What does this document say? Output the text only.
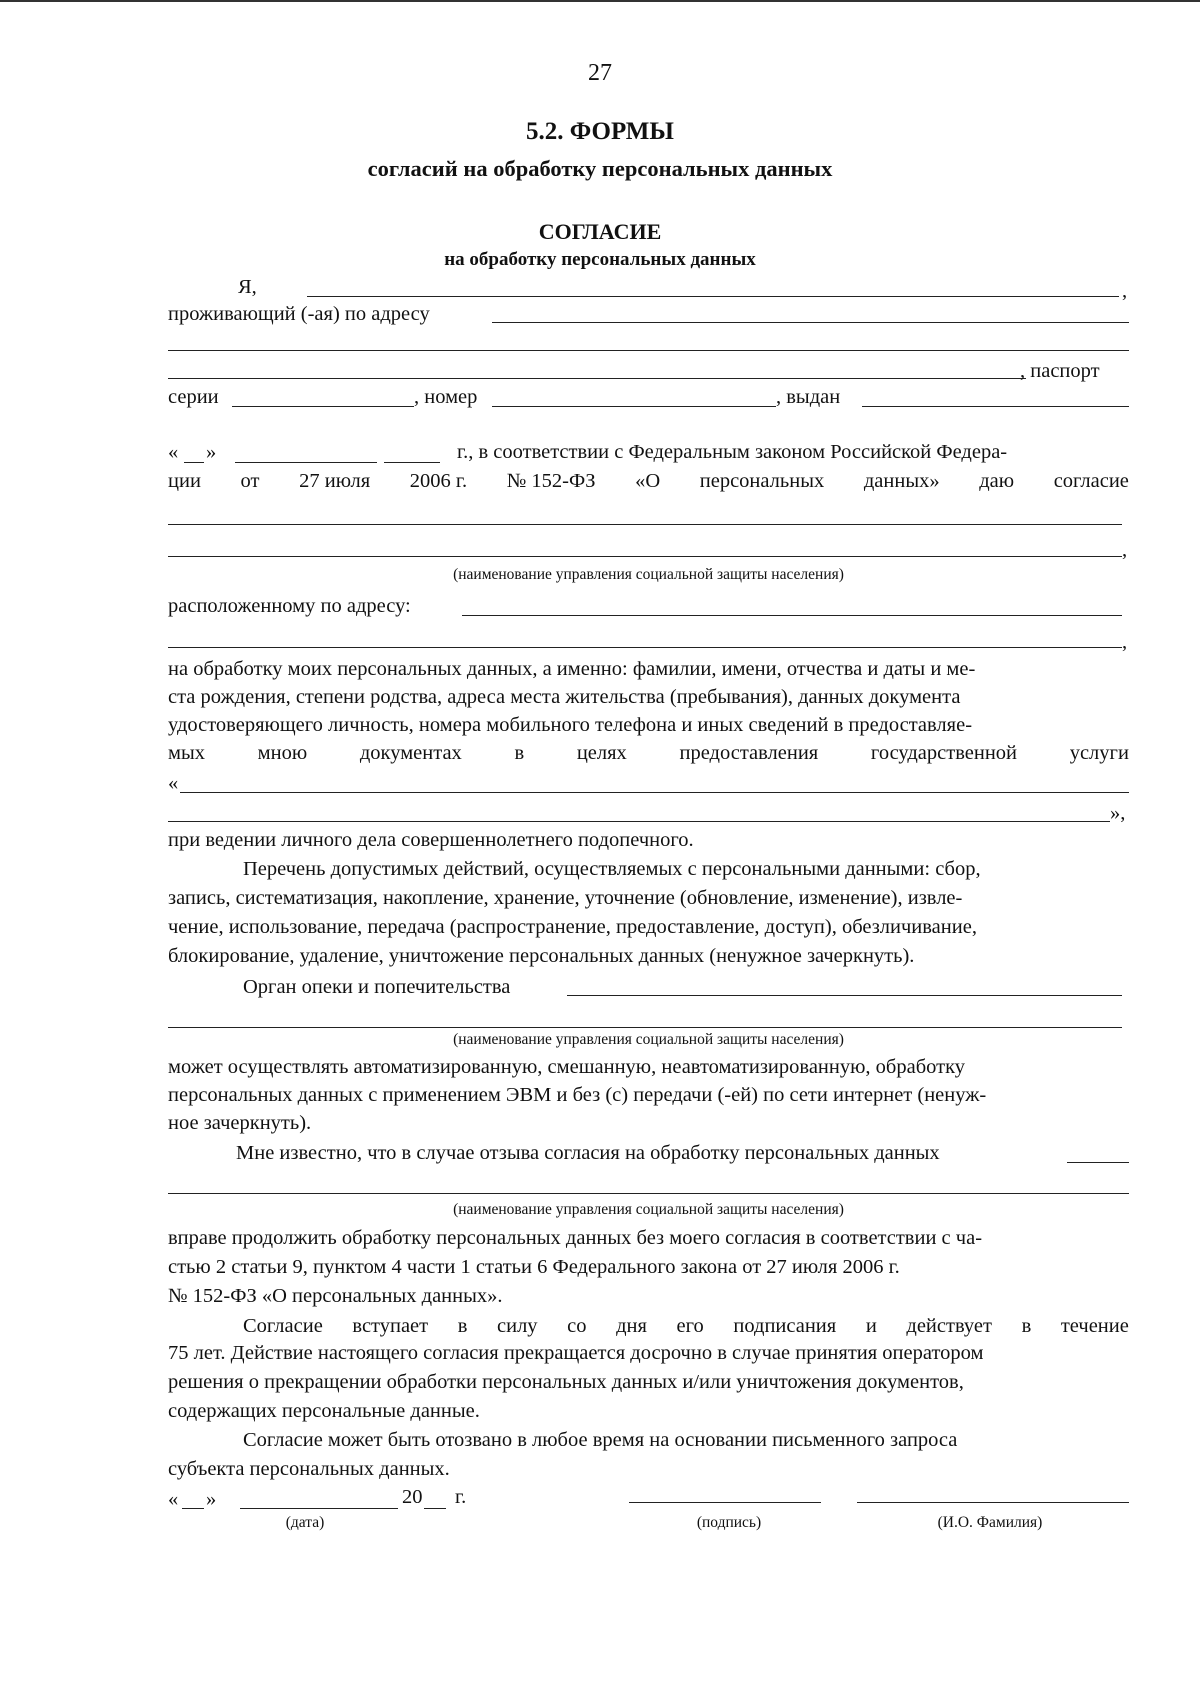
27
5.2. ФОРМЫ
согласий на обработку персональных данных
СОГЛАСИЕ
на обработку персональных данных
Я,	,
проживающий (-ая) по адресу
, паспорт
серии	, номер	, выдан
« »	г., в соответствии с Федеральным законом Российской Федера-
ции от 27 июля 2006 г. № 152-ФЗ «О персональных данных» даю согласие
,
(наименование управления социальной защиты населения)
расположенному по адресу:
,
на обработку моих персональных данных, а именно: фамилии, имени, отчества и даты и ме-
ста рождения, степени родства, адреса места жительства (пребывания), данных документа
удостоверяющего личность, номера мобильного телефона и иных сведений в предоставляе-
мых	мною	документах	в	целях	предоставления	государственной	услуги
«
»,
при ведении личного дела совершеннолетнего подопечного.
Перечень допустимых действий, осуществляемых с персональными данными: сбор,
запись, систематизация, накопление, хранение, уточнение (обновление, изменение), извле-
чение, использование, передача (распространение, предоставление, доступ), обезличивание,
блокирование, удаление, уничтожение персональных данных (ненужное зачеркнуть).
Орган опеки и попечительства
(наименование управления социальной защиты населения)
может осуществлять автоматизированную, смешанную, неавтоматизированную, обработку
персональных данных с применением ЭВМ и без (с) передачи (-ей) по сети интернет (ненуж-
ное зачеркнуть).
Мне известно, что в случае отзыва согласия на обработку персональных данных
(наименование управления социальной защиты населения)
вправе продолжить обработку персональных данных без моего согласия в соответствии с ча-
стью 2 статьи 9, пунктом 4 части 1 статьи 6 Федерального закона от 27 июля 2006 г.
№ 152-ФЗ «О персональных данных».
Согласие вступает в силу со дня его подписания и действует в течение
75 лет. Действие настоящего согласия прекращается досрочно в случае принятия оператором
решения о прекращении обработки персональных данных и/или уничтожения документов,
содержащих персональные данные.
Согласие может быть отозвано в любое время на основании письменного запроса
субъекта персональных данных.
« »	20 г.
(дата)	(подпись)	(И.О. Фамилия)
